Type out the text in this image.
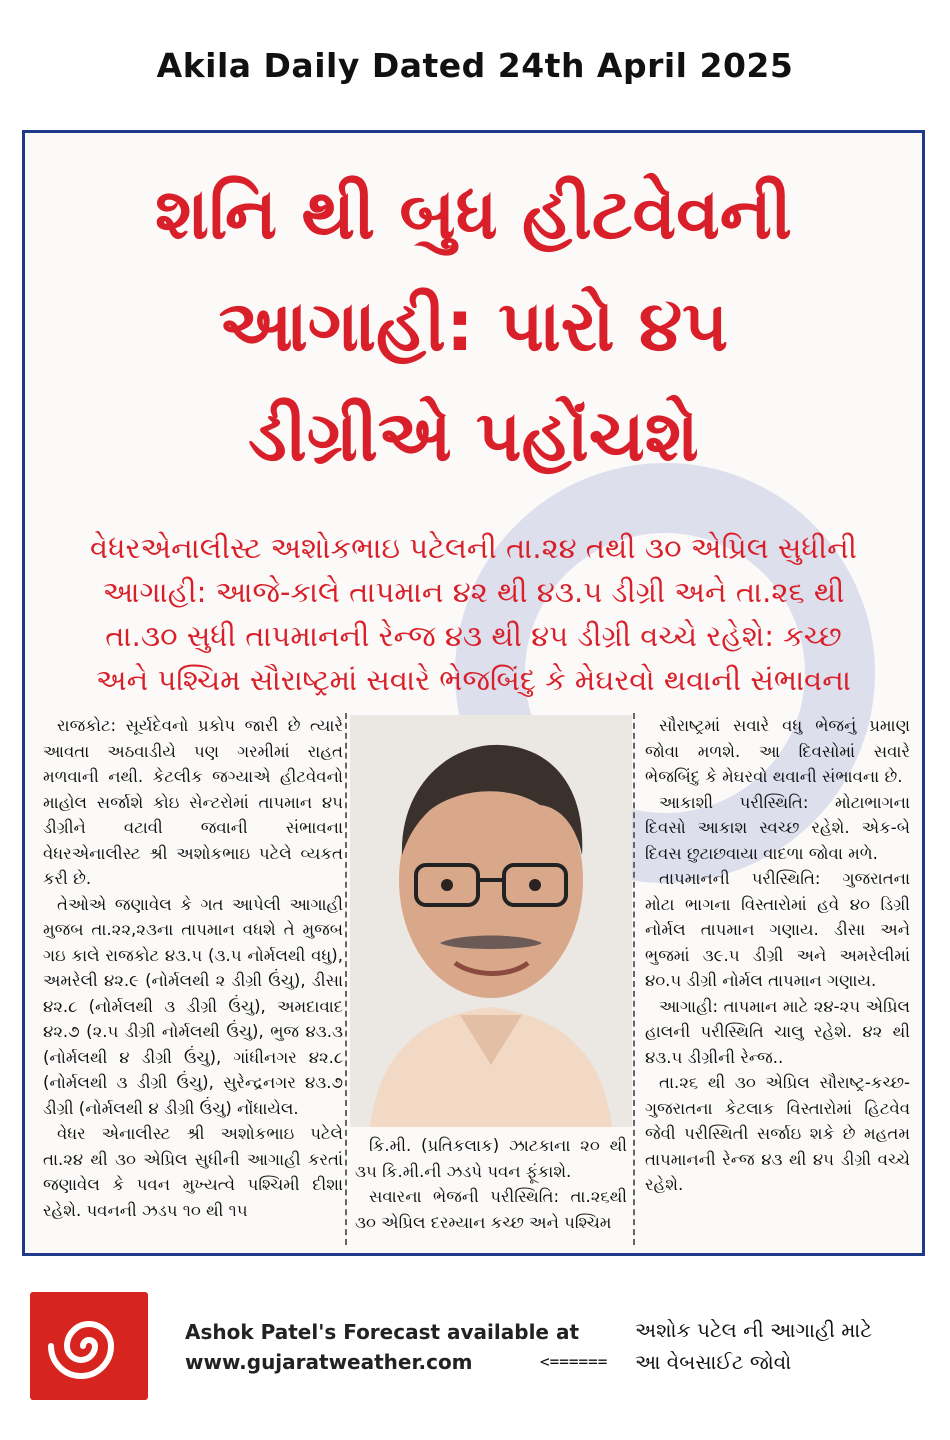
Akila Daily Dated 24th April 2025
શનિ થી બુધ હીટવેવની
આગાહી: પારો ૪૫
ડીગ્રીએ પહોંચશે
વેધરએનાલીસ્ટ અશોકભાઇ પટેલની તા.૨૪ તથી ૩૦ એપ્રિલ સુધીની
આગાહી: આજે-કાલે તાપમાન ૪૨ થી ૪૩.૫ ડીગ્રી અને તા.૨૬ થી
તા.૩૦ સુધી તાપમાનની રેન્જ ૪૩ થી ૪૫ ડીગ્રી વચ્ચે રહેશે: કચ્છ
અને પશ્ચિમ સૌરાષ્ટ્રમાં સવારે ભેજબિંદુ કે મેઘરવો થવાની સંભાવના

રાજકોટ: સૂર્યદેવનો પ્રકોપ જારી છે ત્યારે આવતા અઠવાડીયે પણ ગરમીમાં રાહત મળવાની નથી. કેટલીક જગ્યાએ હીટવેવનો માહોલ સર્જાશે કોઇ સેન્ટરોમાં તાપમાન ૪૫ ડીગ્રીને વટાવી જવાની સંભાવના વેધરએનાલીસ્ટ શ્રી અશોકભાઇ પટેલે વ્યકત કરી છે.

તેઓએ જણાવેલ કે ગત આપેલી આગાહી મુજબ તા.૨૨,૨૩ના તાપમાન વધશે તે મુજબ ગઇ કાલે રાજકોટ ૪૩.૫ (૩.૫ નોર્મલથી વધુ), અમરેલી ૪૨.૯ (નોર્મલથી ૨ ડીગ્રી ઉંચુ), ડીસા ૪૨.૮ (નોર્મલથી ૩ ડીગ્રી ઉંચુ), અમદાવાદ ૪૨.૭ (૨.૫ ડીગ્રી નોર્મલથી ઉંચુ), ભુજ ૪૩.૩ (નોર્મલથી ૪ ડીગ્રી ઉંચુ), ગાંધીનગર ૪૨.૮ (નોર્મલથી ૩ ડીગ્રી ઉંચુ), સુરેન્દ્રનગર ૪૩.૭ ડીગ્રી (નોર્મલથી ૪ ડીગ્રી ઉંચુ) નોંધાયેલ.

વેધર એનાલીસ્ટ શ્રી અશોકભાઇ પટેલે તા.૨૪ થી ૩૦ એપ્રિલ સુધીની આગાહી કરતાં જણાવેલ કે પવન મુખ્યત્વે પશ્ચિમી દીશા રહેશે. પવનની ઝડપ ૧૦ થી ૧૫

કિ.મી. (પ્રતિકલાક) ઝાટકાના ૨૦ થી ૩૫ કિ.મી.ની ઝડપે પવન ફૂંકાશે.

સવારના ભેજની પરીસ્થિતિ: તા.૨૬થી ૩૦ એપ્રિલ દરમ્યાન કચ્છ અને પશ્ચિમ

સૌરાષ્ટ્રમાં સવારે વધુ ભેજનું પ્રમાણ જોવા મળશે. આ દિવસોમાં સવારે ભેજબિંદુ કે મેઘરવો થવાની સંભાવના છે.

આકાશી પરીસ્થિતિ: મોટાભાગના દિવસો આકાશ સ્વચ્છ રહેશે. એક-બે દિવસ છુટાછવાયા વાદળા જોવા મળે.

તાપમાનની પરીસ્થિતિ: ગુજરાતના મોટા ભાગના વિસ્તારોમાં હવે ૪૦ ડિગ્રી નોર્મલ તાપમાન ગણાય. ડીસા અને ભુજમાં ૩૯.૫ ડીગ્રી અને અમરેલીમાં ૪૦.૫ ડીગ્રી નોર્મલ તાપમાન ગણાય.

આગાહી: તાપમાન માટે ૨૪-૨૫ એપ્રિલ હાલની પરીસ્થિતિ ચાલુ રહેશે. ૪૨ થી ૪૩.૫ ડીગ્રીની રેન્જ..

તા.૨૬ થી ૩૦ એપ્રિલ સૌરાષ્ટ્ર-કચ્છ- ગુજરાતના કેટલાક વિસ્તારોમાં હિટવેવ જેવી પરીસ્થિતી સર્જાઇ શકે છે મહતમ તાપમાનની રેન્જ ૪૩ થી ૪૫ ડીગ્રી વચ્ચે રહેશે.

Ashok Patel's Forecast available at
www.gujaratweather.com	<======
અશોક પટેલ ની આગાહી માટે
આ વેબસાઈટ જોવો
